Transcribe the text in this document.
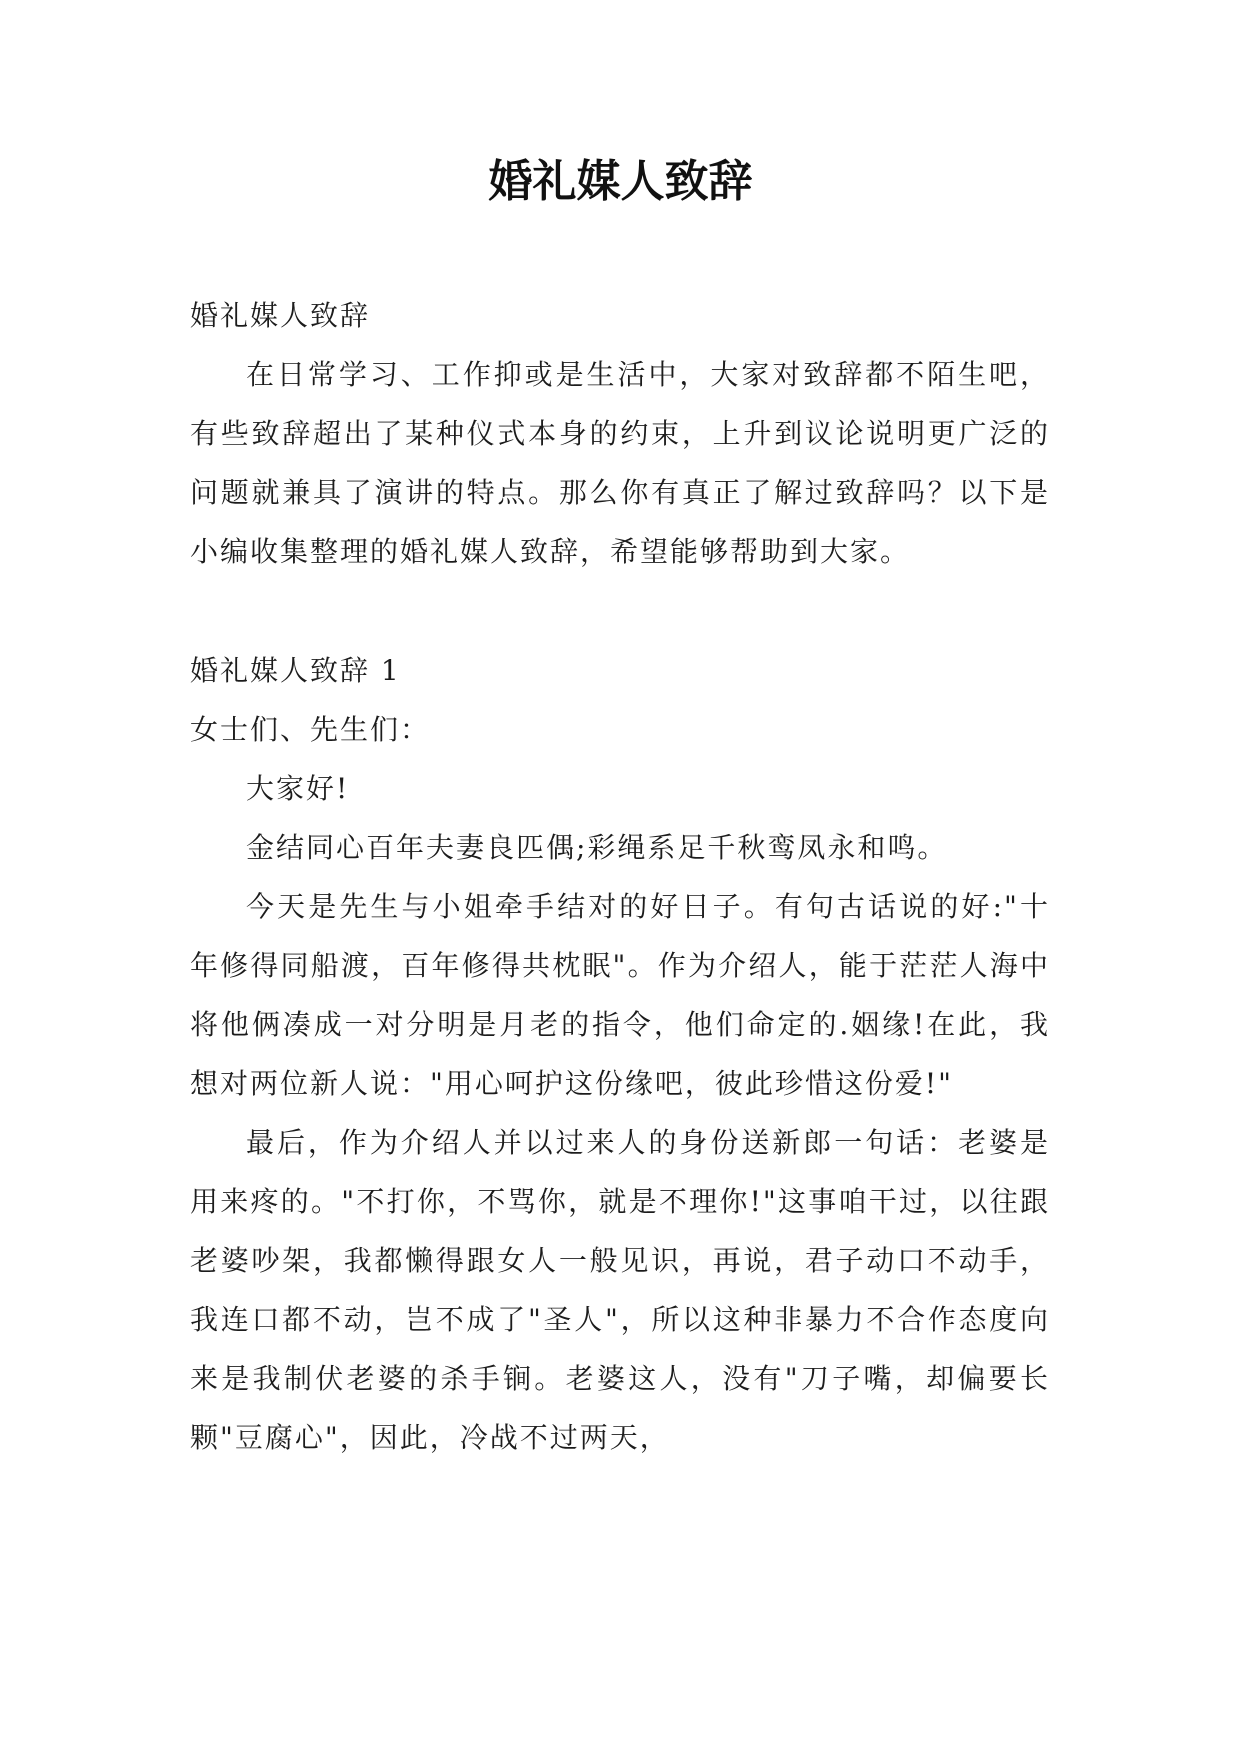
婚礼媒人致辞

婚礼媒人致辞

在日常学习、工作抑或是生活中，大家对致辞都不陌生吧，有些致辞超出了某种仪式本身的约束，上升到议论说明更广泛的问题就兼具了演讲的特点。那么你有真正了解过致辞吗？以下是小编收集整理的婚礼媒人致辞，希望能够帮助到大家。

婚礼媒人致辞 1

女士们、先生们：

大家好!

金结同心百年夫妻良匹偶;彩绳系足千秋鸾凤永和鸣。

今天是先生与小姐牵手结对的好日子。有句古话说的好:"十年修得同船渡，百年修得共枕眠"。作为介绍人，能于茫茫人海中将他俩凑成一对分明是月老的指令，他们命定的.姻缘!在此，我想对两位新人说："用心呵护这份缘吧，彼此珍惜这份爱!"

最后，作为介绍人并以过来人的身份送新郎一句话：老婆是用来疼的。"不打你，不骂你，就是不理你!"这事咱干过，以往跟老婆吵架，我都懒得跟女人一般见识，再说，君子动口不动手，我连口都不动，岂不成了"圣人"，所以这种非暴力不合作态度向来是我制伏老婆的杀手锏。老婆这人，没有"刀子嘴，却偏要长颗"豆腐心"，因此，冷战不过两天，
